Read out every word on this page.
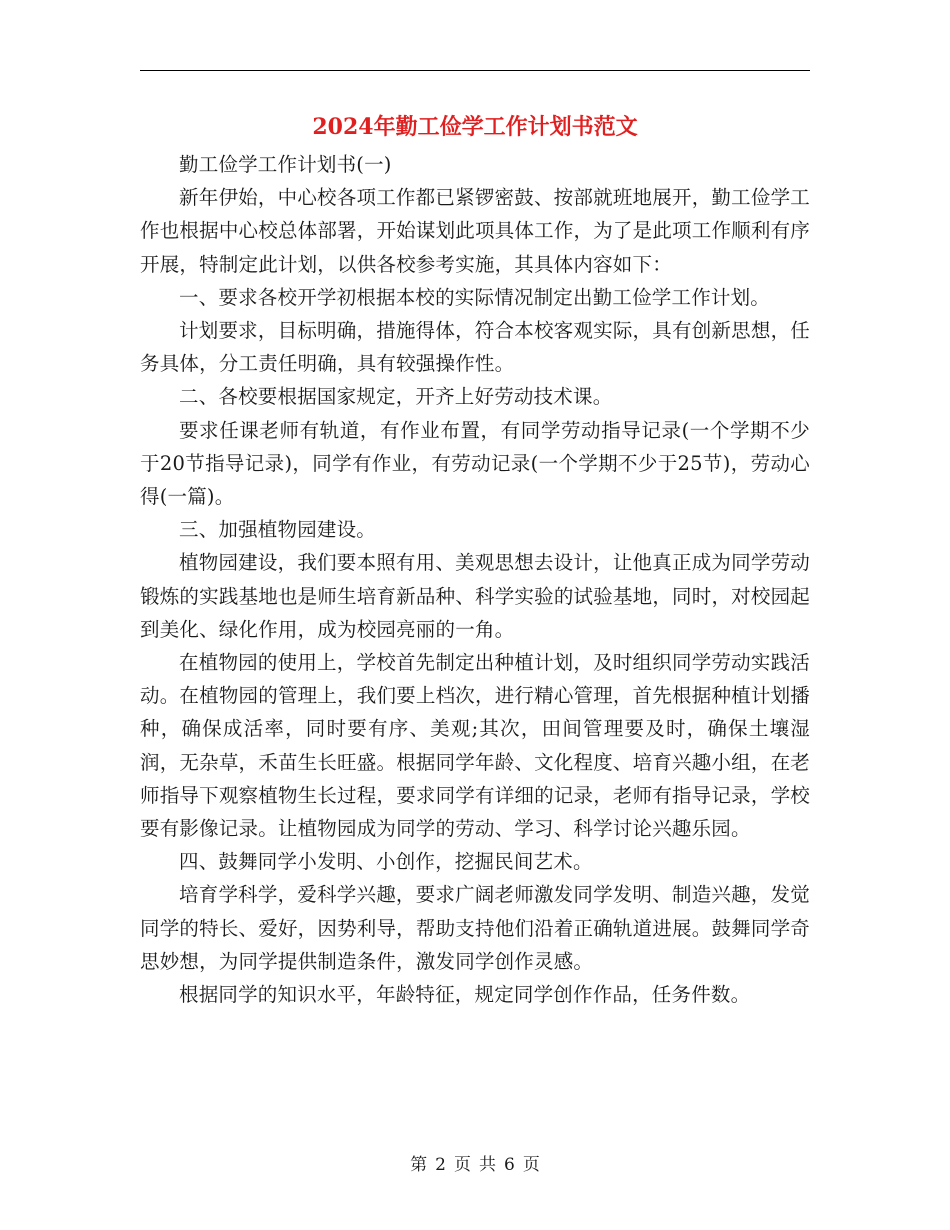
2024年勤工俭学工作计划书范文

勤工俭学工作计划书(一)

新年伊始，中心校各项工作都已紧锣密鼓、按部就班地展开，勤工俭学工作也根据中心校总体部署，开始谋划此项具体工作，为了是此项工作顺利有序开展，特制定此计划，以供各校参考实施，其具体内容如下：

一、要求各校开学初根据本校的实际情况制定出勤工俭学工作计划。

计划要求，目标明确，措施得体，符合本校客观实际，具有创新思想，任务具体，分工责任明确，具有较强操作性。

二、各校要根据国家规定，开齐上好劳动技术课。

要求任课老师有轨道，有作业布置，有同学劳动指导记录(一个学期不少于20节指导记录)，同学有作业，有劳动记录(一个学期不少于25节)，劳动心得(一篇)。

三、加强植物园建设。

植物园建设，我们要本照有用、美观思想去设计，让他真正成为同学劳动锻炼的实践基地也是师生培育新品种、科学实验的试验基地，同时，对校园起到美化、绿化作用，成为校园亮丽的一角。

在植物园的使用上，学校首先制定出种植计划，及时组织同学劳动实践活动。在植物园的管理上，我们要上档次，进行精心管理，首先根据种植计划播种，确保成活率，同时要有序、美观;其次，田间管理要及时，确保土壤湿润，无杂草，禾苗生长旺盛。根据同学年龄、文化程度、培育兴趣小组，在老师指导下观察植物生长过程，要求同学有详细的记录，老师有指导记录，学校要有影像记录。让植物园成为同学的劳动、学习、科学讨论兴趣乐园。

四、鼓舞同学小发明、小创作，挖掘民间艺术。

培育学科学，爱科学兴趣，要求广阔老师激发同学发明、制造兴趣，发觉同学的特长、爱好，因势利导，帮助支持他们沿着正确轨道进展。鼓舞同学奇思妙想，为同学提供制造条件，激发同学创作灵感。

根据同学的知识水平，年龄特征，规定同学创作作品，任务件数。

第 2 页 共 6 页
